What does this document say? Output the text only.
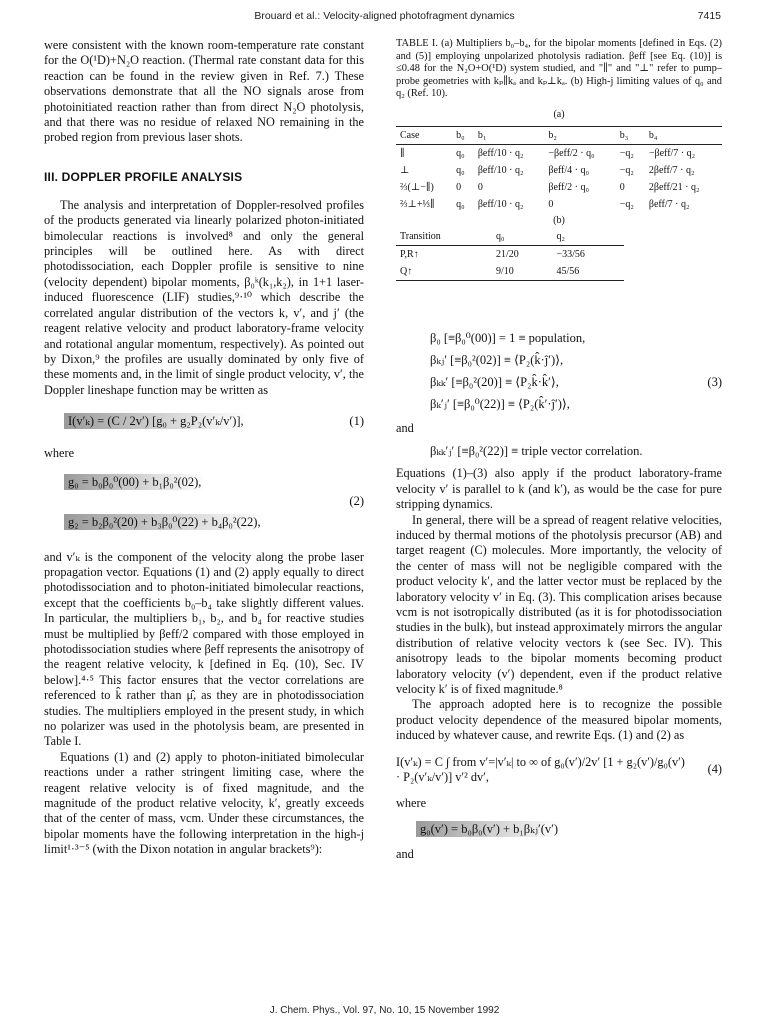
Brouard et al.: Velocity-aligned photofragment dynamics	7415

were consistent with the known room-temperature rate constant for the O(¹D)+N₂O reaction. (Thermal rate constant data for this reaction can be found in the review given in Ref. 7.) These observations demonstrate that all the NO signals arose from photoinitiated reaction rather than from direct N₂O photolysis, and that there was no residue of relaxed NO remaining in the probed region from previous laser shots.

III. DOPPLER PROFILE ANALYSIS

The analysis and interpretation of Doppler-resolved profiles of the products generated via linearly polarized photon-initiated bimolecular reactions is involved⁸ and only the general principles will be outlined here. As with direct photodissociation, each Doppler profile is sensitive to nine (velocity dependent) bipolar moments, β₀ᵏ(k₁,k₂), in 1+1 laser-induced fluorescence (LIF) studies,⁹·¹⁰ which describe the correlated angular distribution of the vectors k, v′, and j′ (the reagent relative velocity and product laboratory-frame velocity and rotational angular momentum, respectively). As pointed out by Dixon,⁹ the profiles are usually dominated by only five of these moments and, in the limit of single product velocity, v′, the Doppler lineshape function may be written as

I(v′ₖ) = (C / 2v′) [g₀ + g₂P₂(v′ₖ/v′)],	(1)

where

g₀ = b₀β₀⁰(00) + b₁β₀²(02),
g₂ = b₂β₀²(20) + b₃β₀⁰(22) + b₄β₀²(22),
(2)

and v′ₖ is the component of the velocity along the probe laser propagation vector. Equations (1) and (2) apply equally to direct photodissociation and to photon-initiated bimolecular reactions, except that the coefficients b₀–b₄ take slightly different values. In particular, the multipliers b₁, b₂, and b₄ for reactive studies must be multiplied by βeff/2 compared with those employed in photodissociation studies where βeff represents the anisotropy of the reagent relative velocity, k [defined in Eq. (10), Sec. IV below].⁴·⁵ This factor ensures that the vector correlations are referenced to k̂ rather than μ̂, as they are in photodissociation studies. The multipliers employed in the present study, in which no polarizer was used in the photolysis beam, are presented in Table I.

Equations (1) and (2) apply to photon-initiated bimolecular reactions under a rather stringent limiting case, where the reagent relative velocity is of fixed magnitude, and the magnitude of the product relative velocity, k′, greatly exceeds that of the center of mass, vcm. Under these circumstances, the bipolar moments have the following interpretation in the high-j limit¹·³⁻⁵ (with the Dixon notation in angular brackets⁹):

TABLE I. (a) Multipliers b₀–b₄, for the bipolar moments [defined in Eqs. (2) and (5)] employing unpolarized photolysis radiation. βeff [see Eq. (10)] is ≤0.48 for the N₂O+O(¹D) system studied, and "∥" and "⊥" refer to pump–probe geometries with kₚ∥kₐ and kₚ⊥kₐ. (b) High-j limiting values of q₀ and q₂ (Ref. 10).

(a)
Case	b₀	b₁	b₂	b₃	b₄
∥	q₀	βeff/10 · q₂	−βeff/2 · q₀	−q₂	−βeff/7 · q₂
⊥	q₀	βeff/10 · q₂	βeff/4 · q₀	−q₂	2βeff/7 · q₂
⅔(⊥−∥)	0	0	βeff/2 · q₀	0	2βeff/21 · q₂
⅔⊥+⅓∥	q₀	βeff/10 · q₂	0	−q₂	βeff/7 · q₂
(b)
Transition	q₀	q₂
P,R↑	21/20	−33/56
Q↑	9/10	45/56
β₀ [≡β₀⁰(00)] = 1 ≡ population,
βₖⱼ′ [≡β₀²(02)] ≡ ⟨P₂(k̂·ĵ′)⟩,
βₖₖ′ [≡β₀²(20)] ≡ ⟨P₂k̂·k̂′⟩,
βₖ′ⱼ′ [≡β₀⁰(22)] ≡ ⟨P₂(k̂′·ĵ′)⟩,
(3)

and

βₖₖ′ⱼ′ [≡β₀²(22)] ≡ triple vector correlation.

Equations (1)–(3) also apply if the product laboratory-frame velocity v′ is parallel to k (and k′), as would be the case for pure stripping dynamics.

In general, there will be a spread of reagent relative velocities, induced by thermal motions of the photolysis precursor (AB) and target reagent (C) molecules. More importantly, the velocity of the center of mass will not be negligible compared with the product velocity k′, and the latter vector must be replaced by the laboratory velocity v′ in Eq. (3). This complication arises because vcm is not isotropically distributed (as it is for photodissociation studies in the bulk), but instead approximately mirrors the angular distribution of relative velocity vectors k (see Sec. IV). This anisotropy leads to the bipolar moments becoming product laboratory velocity (v′) dependent, even if the product relative velocity k′ is of fixed magnitude.⁸

The approach adopted here is to recognize the possible product velocity dependence of the measured bipolar moments, induced by whatever cause, and rewrite Eqs. (1) and (2) as

I(v′ₖ) = C ∫ from v′=|v′ₖ| to ∞ of g₀(v′)/2v′ [1 + g₂(v′)/g₀(v′) · P₂(v′ₖ/v′)] v′² dv′,
(4)

where

g₀(v′) = b₀β₀(v′) + b₁βₖⱼ′(v′)

and

J. Chem. Phys., Vol. 97, No. 10, 15 November 1992
